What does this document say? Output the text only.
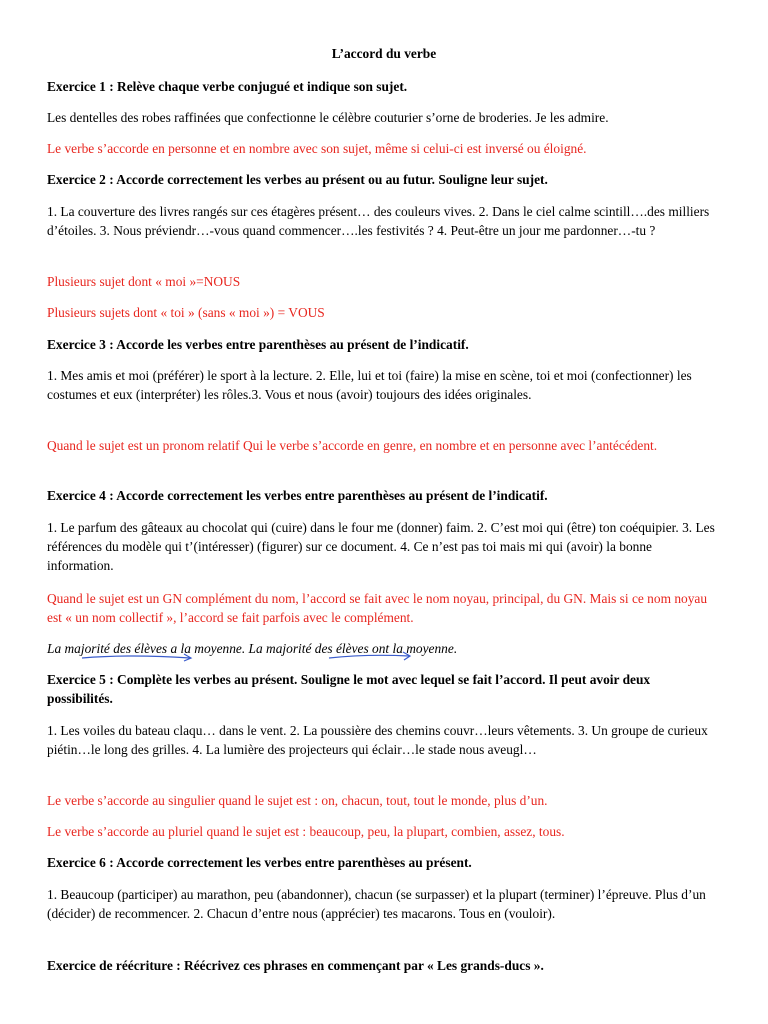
L’accord du verbe

Exercice 1 : Relève chaque verbe conjugué et indique son sujet.

Les dentelles des robes raffinées que confectionne le célèbre couturier s’orne de broderies. Je les admire.

Le verbe s’accorde en personne et en nombre avec son sujet, même si celui-ci est inversé ou éloigné.

Exercice 2 : Accorde correctement les verbes au présent ou au futur. Souligne leur sujet.

1. La couverture des livres rangés sur ces étagères présent… des couleurs vives. 2. Dans le ciel calme scintill….des milliers d’étoiles. 3. Nous préviendr…-vous quand commencer….les festivités ? 4. Peut-être un jour me pardonner…-tu ?

Plusieurs sujet dont « moi »=NOUS

Plusieurs sujets dont « toi » (sans « moi ») = VOUS

Exercice 3 : Accorde les verbes entre parenthèses au présent de l’indicatif.

1. Mes amis et moi (préférer) le sport à la lecture. 2. Elle, lui et toi (faire) la mise en scène, toi et moi (confectionner) les costumes et eux (interpréter) les rôles.3. Vous et nous (avoir) toujours des idées originales.

Quand le sujet est un pronom relatif Qui le verbe s’accorde en genre, en nombre et en personne avec l’antécédent.

Exercice 4 : Accorde correctement les verbes entre parenthèses au présent de l’indicatif.

1. Le parfum des gâteaux au chocolat qui (cuire) dans le four me (donner) faim. 2. C’est moi qui (être) ton coéquipier. 3. Les références du modèle qui t’(intéresser) (figurer) sur ce document. 4. Ce n’est pas toi mais mi qui (avoir) la bonne information.

Quand le sujet est un GN complément du nom, l’accord se fait avec le nom noyau, principal, du GN. Mais si ce nom noyau est « un nom collectif », l’accord se fait parfois avec le complément.

La majorité des élèves a la moyenne. La majorité des élèves ont la moyenne.

Exercice 5 : Complète les verbes au présent. Souligne le mot avec lequel se fait l’accord. Il peut avoir deux possibilités.

1. Les voiles du bateau claqu… dans le vent. 2. La poussière des chemins couvr…leurs vêtements. 3. Un groupe de curieux piétin…le long des grilles. 4. La lumière des projecteurs qui éclair…le stade nous aveugl…

Le verbe s’accorde au singulier quand le sujet est : on, chacun, tout, tout le monde, plus d’un.

Le verbe s’accorde au pluriel quand le sujet est : beaucoup, peu, la plupart, combien, assez, tous.

Exercice 6 : Accorde correctement les verbes entre parenthèses au présent.

1. Beaucoup (participer) au marathon, peu (abandonner), chacun (se surpasser) et la plupart (terminer) l’épreuve. Plus d’un (décider) de recommencer. 2. Chacun d’entre nous (apprécier) tes macarons. Tous en (vouloir).

Exercice de réécriture : Réécrivez ces phrases en commençant par « Les grands-ducs ».
